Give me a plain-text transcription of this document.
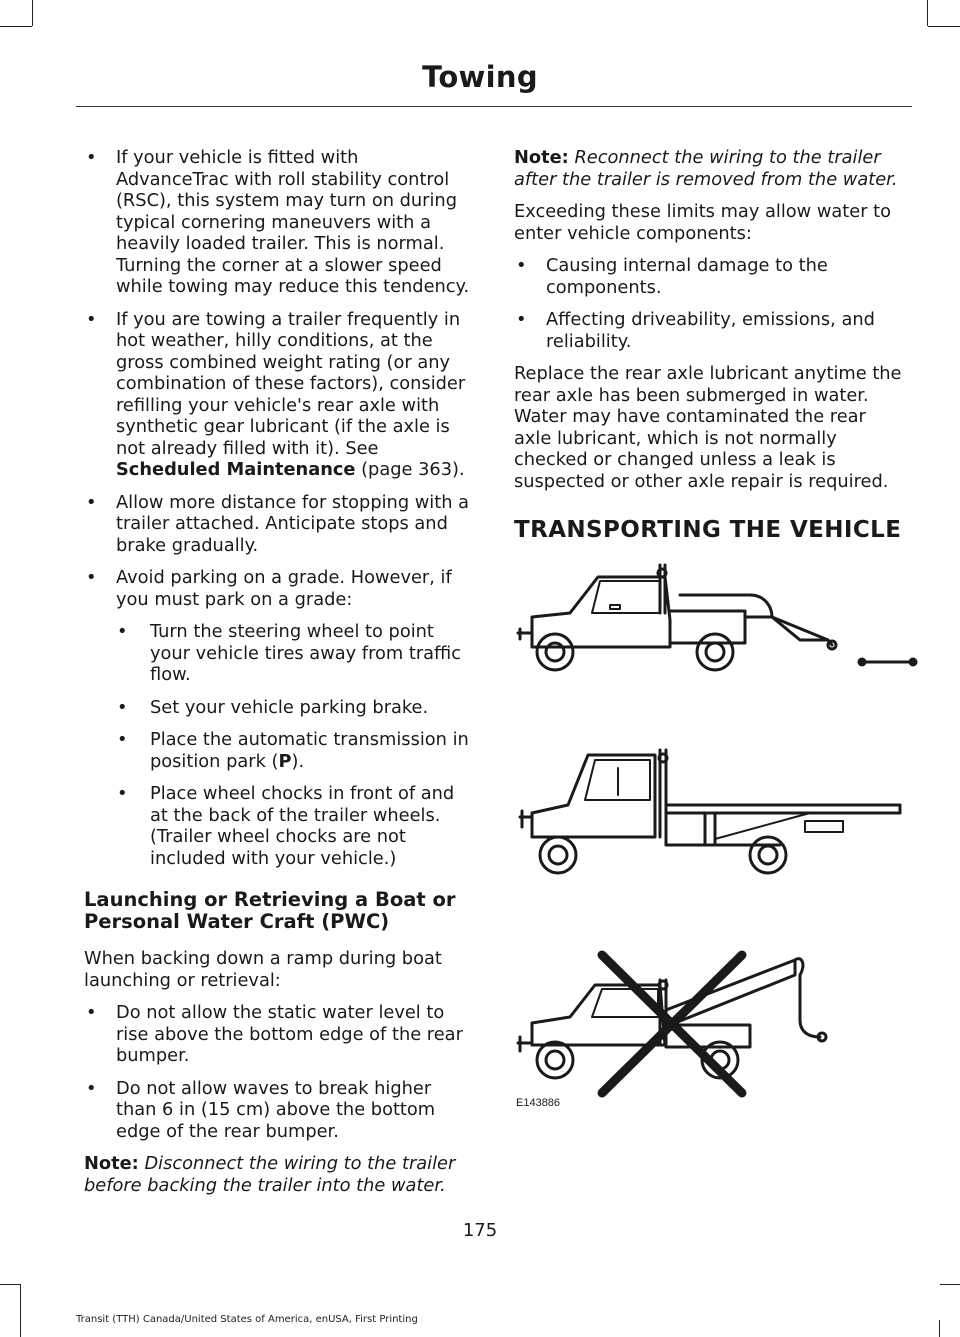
Towing
• If your vehicle is fitted with AdvanceTrac with roll stability control (RSC), this system may turn on during typical cornering maneuvers with a heavily loaded trailer. This is normal. Turning the corner at a slower speed while towing may reduce this tendency.
• If you are towing a trailer frequently in hot weather, hilly conditions, at the gross combined weight rating (or any combination of these factors), consider refilling your vehicle's rear axle with synthetic gear lubricant (if the axle is not already filled with it). See Scheduled Maintenance (page 363).
• Allow more distance for stopping with a trailer attached. Anticipate stops and brake gradually.
• Avoid parking on a grade. However, if you must park on a grade:
• Turn the steering wheel to point your vehicle tires away from traffic flow.
• Set your vehicle parking brake.
• Place the automatic transmission in position park (P).
• Place wheel chocks in front of and at the back of the trailer wheels. (Trailer wheel chocks are not included with your vehicle.)
Launching or Retrieving a Boat or Personal Water Craft (PWC)
When backing down a ramp during boat launching or retrieval:
• Do not allow the static water level to rise above the bottom edge of the rear bumper.
• Do not allow waves to break higher than 6 in (15 cm) above the bottom edge of the rear bumper.
Note: Disconnect the wiring to the trailer before backing the trailer into the water.
Note: Reconnect the wiring to the trailer after the trailer is removed from the water.
Exceeding these limits may allow water to enter vehicle components:
• Causing internal damage to the components.
• Affecting driveability, emissions, and reliability.
Replace the rear axle lubricant anytime the rear axle has been submerged in water. Water may have contaminated the rear axle lubricant, which is not normally checked or changed unless a leak is suspected or other axle repair is required.
TRANSPORTING THE VEHICLE
E143886
175
Transit (TTH) Canada/United States of America, enUSA, First Printing
